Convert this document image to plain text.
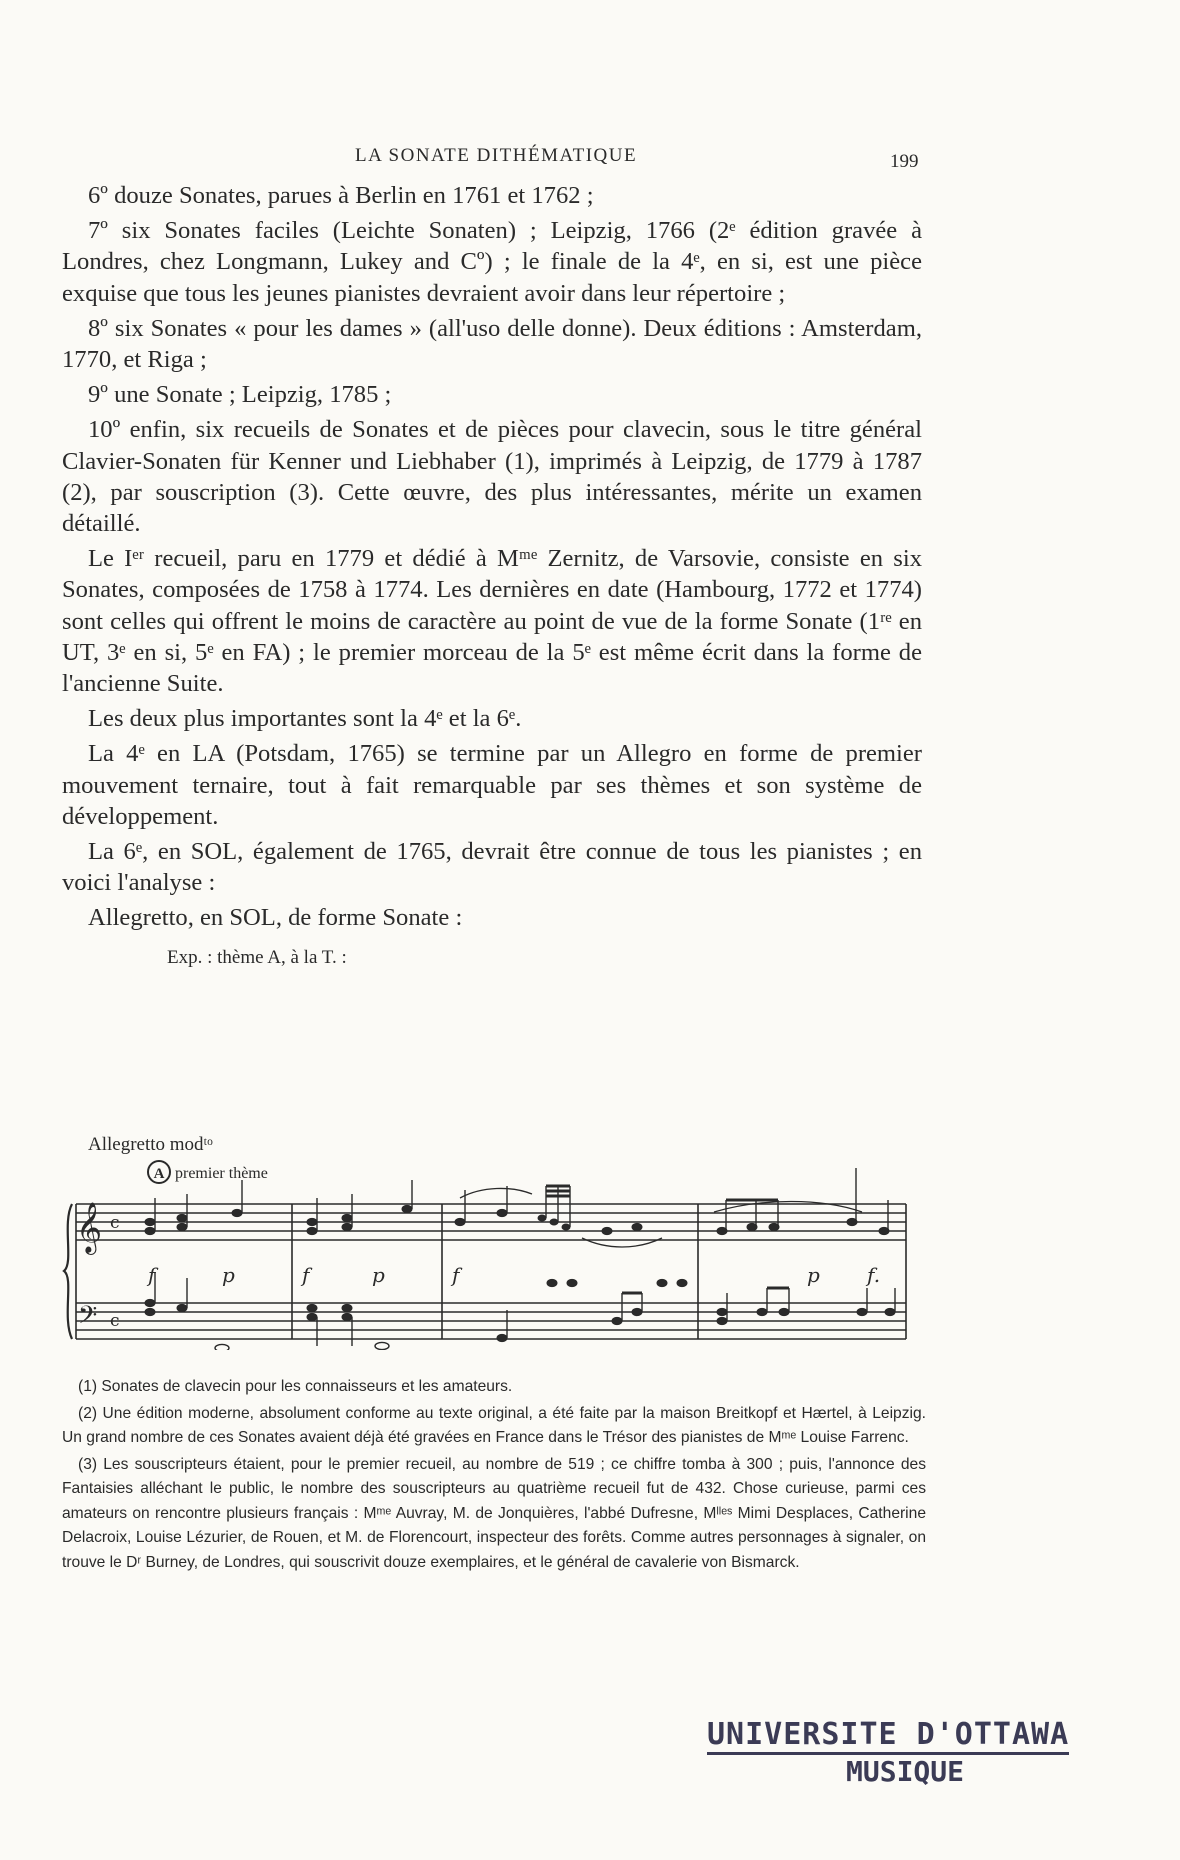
LA SONATE DITHÉMATIQUE	199

6º douze Sonates, parues à Berlin en 1761 et 1762 ;

7º six Sonates faciles (Leichte Sonaten) ; Leipzig, 1766 (2ᵉ édition gravée à Londres, chez Longmann, Lukey and Cº) ; le finale de la 4ᵉ, en si, est une pièce exquise que tous les jeunes pianistes devraient avoir dans leur répertoire ;

8º six Sonates « pour les dames » (all'uso delle donne). Deux éditions : Amsterdam, 1770, et Riga ;

9º une Sonate ; Leipzig, 1785 ;

10º enfin, six recueils de Sonates et de pièces pour clavecin, sous le titre général Clavier-Sonaten für Kenner und Liebhaber (1), imprimés à Leipzig, de 1779 à 1787 (2), par souscription (3). Cette œuvre, des plus intéressantes, mérite un examen détaillé.

Le Iᵉʳ recueil, paru en 1779 et dédié à Mᵐᵉ Zernitz, de Varsovie, consiste en six Sonates, composées de 1758 à 1774. Les dernières en date (Hambourg, 1772 et 1774) sont celles qui offrent le moins de caractère au point de vue de la forme Sonate (1ʳᵉ en UT, 3ᵉ en si, 5ᵉ en FA) ; le premier morceau de la 5ᵉ est même écrit dans la forme de l'ancienne Suite.

Les deux plus importantes sont la 4ᵉ et la 6ᵉ.

La 4ᵉ en LA (Potsdam, 1765) se termine par un Allegro en forme de premier mouvement ternaire, tout à fait remarquable par ses thèmes et son système de développement.

La 6ᵉ, en SOL, également de 1765, devrait être connue de tous les pianistes ; en voici l'analyse :

Allegretto, en SOL, de forme Sonate :

Exp. : thème A, à la T. :

Allegretto modᵗᵒ
A premier thème
𝄞
𝄢
c
c
f	p	f	p	f	p f.

(1) Sonates de clavecin pour les connaisseurs et les amateurs.

(2) Une édition moderne, absolument conforme au texte original, a été faite par la maison Breitkopf et Hærtel, à Leipzig. Un grand nombre de ces Sonates avaient déjà été gravées en France dans le Trésor des pianistes de Mᵐᵉ Louise Farrenc.

(3) Les souscripteurs étaient, pour le premier recueil, au nombre de 519 ; ce chiffre tomba à 300 ; puis, l'annonce des Fantaisies alléchant le public, le nombre des souscripteurs au quatrième recueil fut de 432. Chose curieuse, parmi ces amateurs on rencontre plusieurs français : Mᵐᵉ Auvray, M. de Jonquières, l'abbé Dufresne, Mˡˡᵉˢ Mimi Desplaces, Catherine Delacroix, Louise Lézurier, de Rouen, et M. de Florencourt, inspecteur des forêts. Comme autres personnages à signaler, on trouve le Dʳ Burney, de Londres, qui souscrivit douze exemplaires, et le général de cavalerie von Bismarck.

UNIVERSITE D'OTTAWA
MUSIQUE
